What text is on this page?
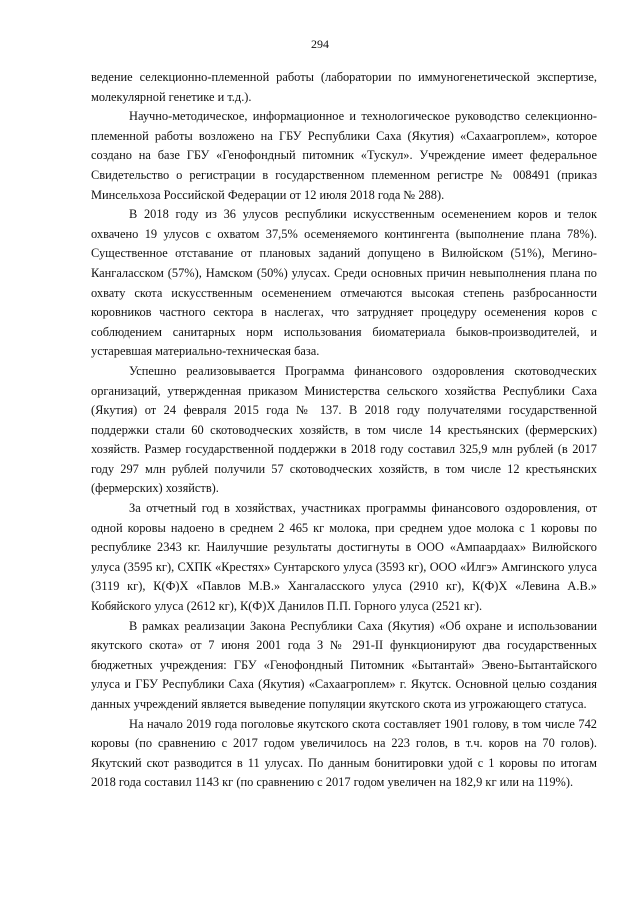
294

ведение селекционно-племенной работы (лаборатории по иммуногенетической экспертизе, молекулярной генетике и т.д.).

Научно-методическое, информационное и технологическое руководство селекционно-племенной работы возложено на ГБУ Республики Саха (Якутия) «Сахаагроплем», которое создано на базе ГБУ «Генофондный питомник «Тускул». Учреждение имеет федеральное Свидетельство о регистрации в государственном племенном регистре № 008491 (приказ Минсельхоза Российской Федерации от 12 июля 2018 года № 288).

В 2018 году из 36 улусов республики искусственным осеменением коров и телок охвачено 19 улусов с охватом 37,5% осеменяемого контингента (выполнение плана 78%). Существенное отставание от плановых заданий допущено в Вилюйском (51%), Мегино-Кангаласском (57%), Намском (50%) улусах. Среди основных причин невыполнения плана по охвату скота искусственным осеменением отмечаются высокая степень разбросанности коровников частного сектора в наслегах, что затрудняет процедуру осеменения коров с соблюдением санитарных норм использования биоматериала быков-производителей, и устаревшая материально-техническая база.

Успешно реализовывается Программа финансового оздоровления скотоводческих организаций, утвержденная приказом Министерства сельского хозяйства Республики Саха (Якутия) от 24 февраля 2015 года № 137. В 2018 году получателями государственной поддержки стали 60 скотоводческих хозяйств, в том числе 14 крестьянских (фермерских) хозяйств. Размер государственной поддержки в 2018 году составил 325,9 млн рублей (в 2017 году 297 млн рублей получили 57 скотоводческих хозяйств, в том числе 12 крестьянских (фермерских) хозяйств).

За отчетный год в хозяйствах, участниках программы финансового оздоровления, от одной коровы надоено в среднем 2 465 кг молока, при среднем удое молока с 1 коровы по республике 2343 кг. Наилучшие результаты достигнуты в ООО «Ампаардаах» Вилюйского улуса (3595 кг), СХПК «Крестях» Сунтарского улуса (3593 кг), ООО «Илгэ» Амгинского улуса (3119 кг), К(Ф)Х «Павлов М.В.» Хангаласского улуса (2910 кг), К(Ф)Х «Левина А.В.» Кобяйского улуса (2612 кг), К(Ф)Х Данилов П.П. Горного улуса (2521 кг).

В рамках реализации Закона Республики Саха (Якутия) «Об охране и использовании якутского скота» от 7 июня 2001 года З № 291-II функционируют два государственных бюджетных учреждения: ГБУ «Генофондный Питомник «Бытантай» Эвено-Бытантайского улуса и ГБУ Республики Саха (Якутия) «Сахаагроплем» г. Якутск. Основной целью создания данных учреждений является выведение популяции якутского скота из угрожающего статуса.

На начало 2019 года поголовье якутского скота составляет 1901 голову, в том числе 742 коровы (по сравнению с 2017 годом увеличилось на 223 голов, в т.ч. коров на 70 голов). Якутский скот разводится в 11 улусах. По данным бонитировки удой с 1 коровы по итогам 2018 года составил 1143 кг (по сравнению с 2017 годом увеличен на 182,9 кг или на 119%).
